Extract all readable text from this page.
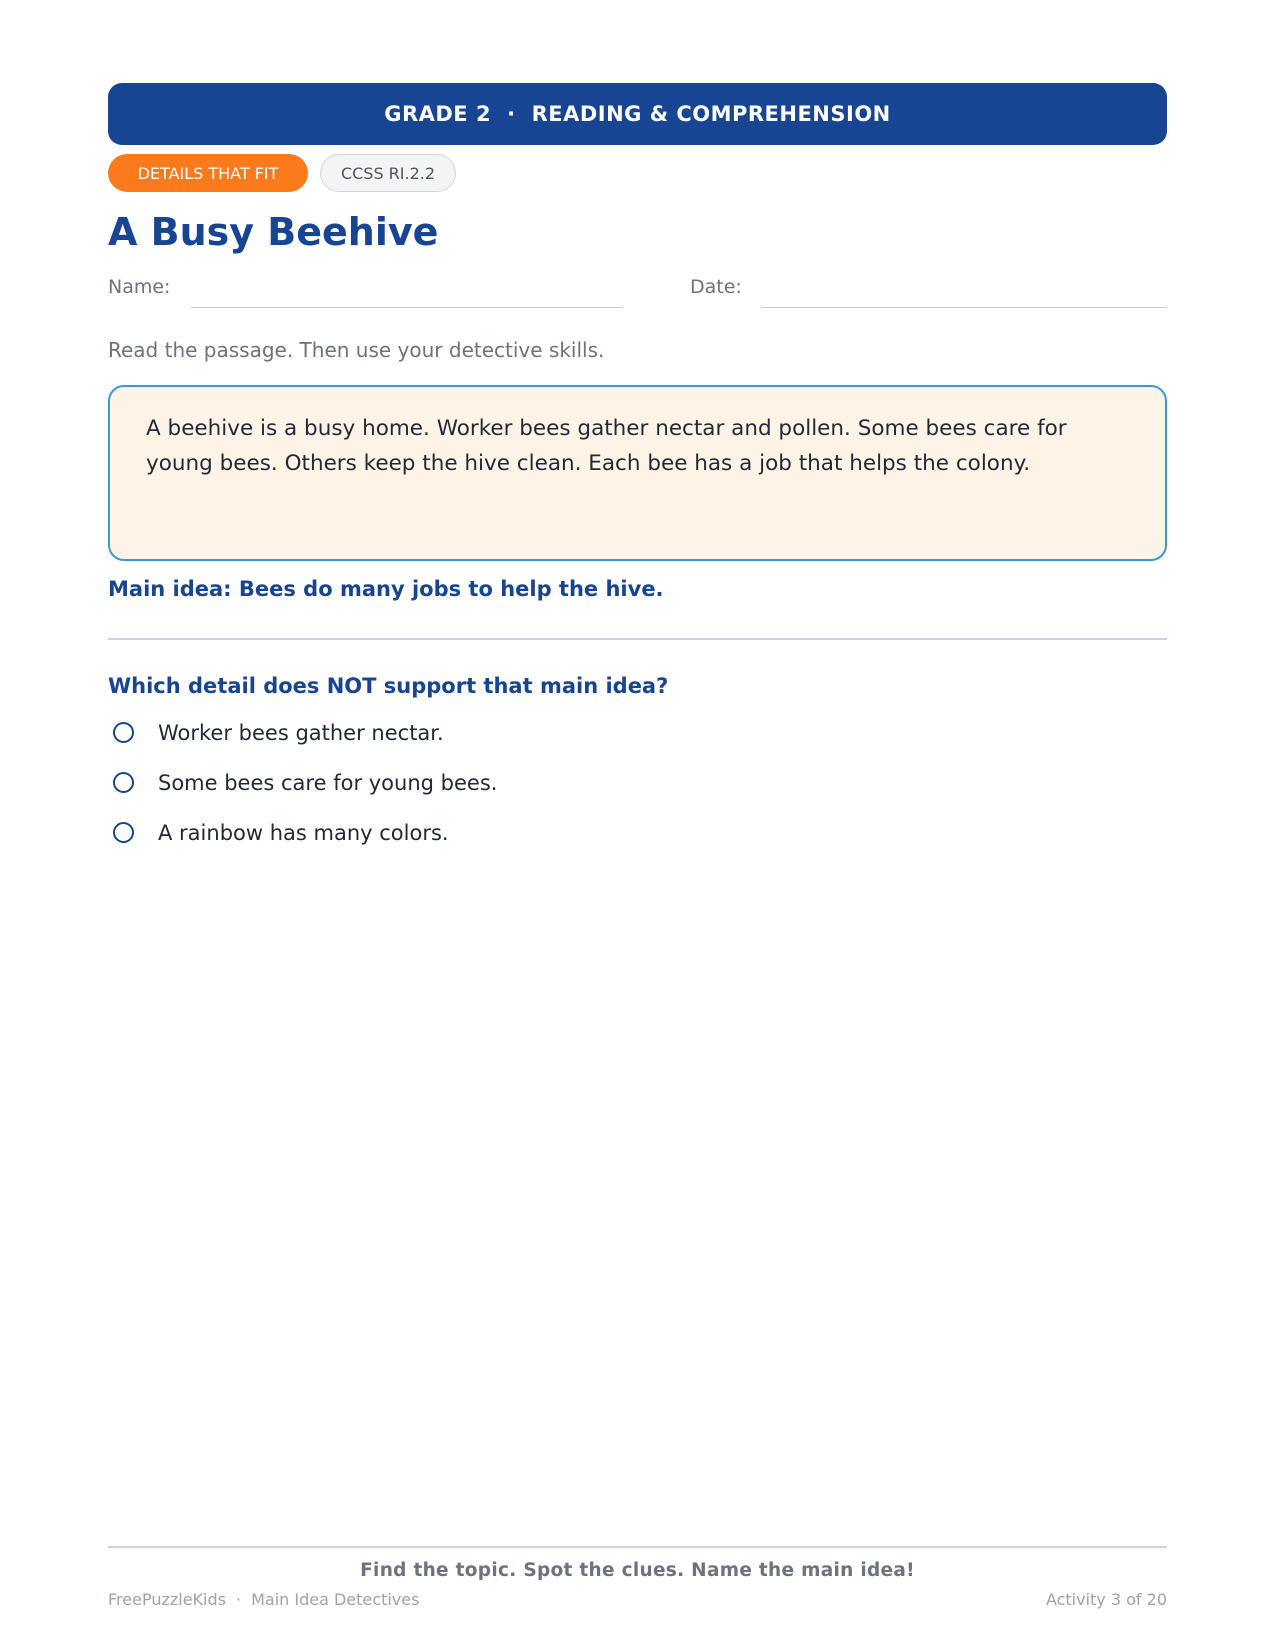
GRADE 2 · READING & COMPREHENSION
DETAILS THAT FIT	CCSS RI.2.2
A Busy Beehive
Name:	Date:
Read the passage. Then use your detective skills.
A beehive is a busy home. Worker bees gather nectar and pollen. Some bees care for young bees. Others keep the hive clean. Each bee has a job that helps the colony.
Main idea: Bees do many jobs to help the hive.
Which detail does NOT support that main idea?
Worker bees gather nectar.
Some bees care for young bees.
A rainbow has many colors.
Find the topic. Spot the clues. Name the main idea!
FreePuzzleKids · Main Idea Detectives	Activity 3 of 20
